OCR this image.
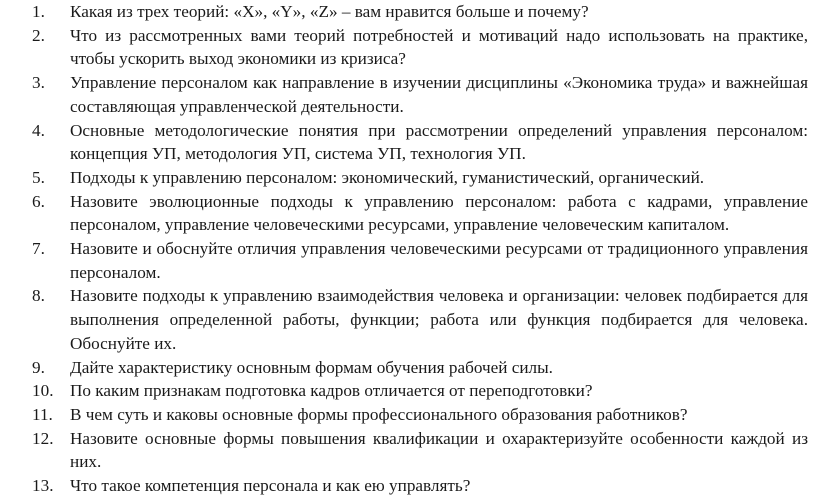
1.	Какая из трех теорий: «X», «Y», «Z» – вам нравится больше и почему?
2.	Что из рассмотренных вами теорий потребностей и мотиваций надо использовать на практике, чтобы ускорить выход экономики из кризиса?
3.	Управление персоналом как направление в изучении дисциплины «Экономика труда» и важнейшая составляющая управленческой деятельности.
4.	Основные методологические понятия при рассмотрении определений управления персоналом: концепция УП, методология УП, система УП, технология УП.
5.	Подходы к управлению персоналом: экономический, гуманистический, органический.
6.	Назовите эволюционные подходы к управлению персоналом: работа с кадрами, управление персоналом, управление человеческими ресурсами, управление человеческим капиталом.
7.	Назовите и обоснуйте отличия управления человеческими ресурсами от традиционного управления персоналом.
8.	Назовите подходы к управлению взаимодействия человека и организации: человек подбирается для выполнения определенной работы, функции; работа или функция подбирается для человека. Обоснуйте их.
9.	Дайте характеристику основным формам обучения рабочей силы.
10. По каким признакам подготовка кадров отличается от переподготовки?
11. В чем суть и каковы основные формы профессионального образования работников?
12. Назовите основные формы повышения квалификации и охарактеризуйте особенности каждой из них.
13. Что такое компетенция персонала и как ею управлять?
